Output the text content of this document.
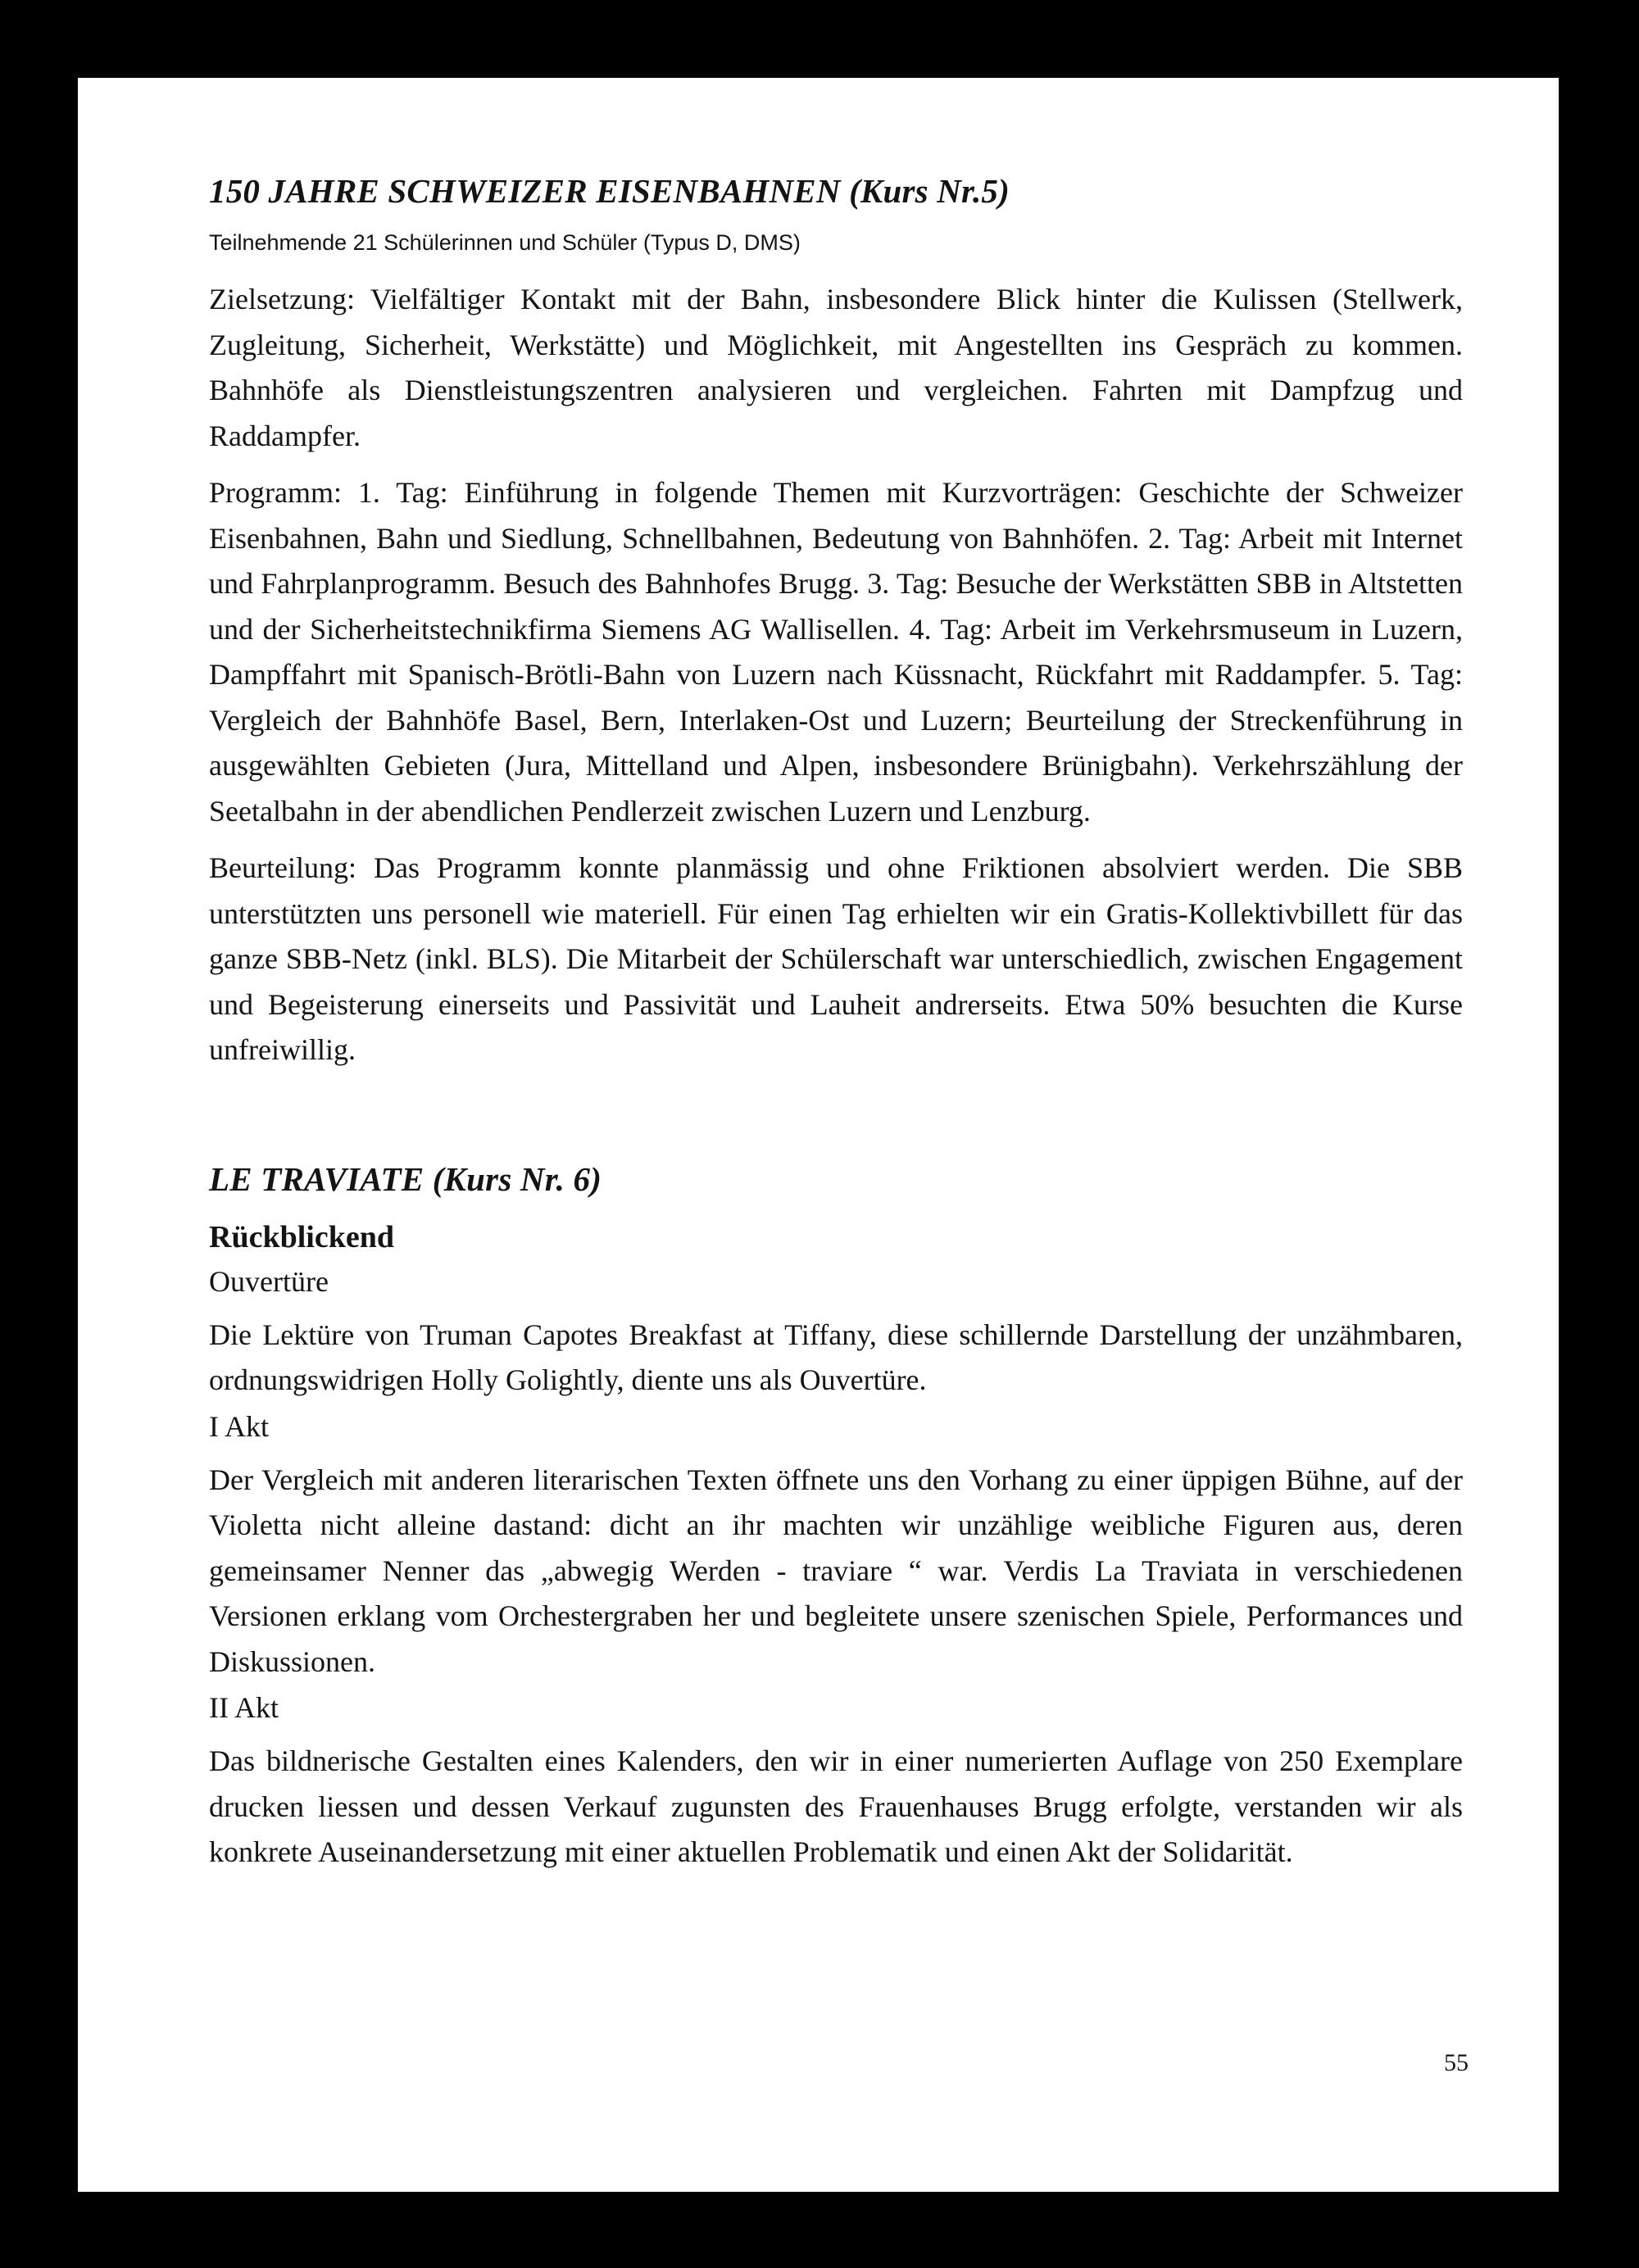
150 JAHRE SCHWEIZER EISENBAHNEN (Kurs Nr.5)

Teilnehmende 21 Schülerinnen und Schüler (Typus D, DMS)

Zielsetzung: Vielfältiger Kontakt mit der Bahn, insbesondere Blick hinter die Kulissen (Stellwerk, Zugleitung, Sicherheit, Werkstätte) und Möglichkeit, mit Angestellten ins Gespräch zu kommen. Bahnhöfe als Dienstleistungszentren analysieren und vergleichen. Fahrten mit Dampfzug und Raddampfer.

Programm: 1. Tag: Einführung in folgende Themen mit Kurzvorträgen: Geschichte der Schweizer Eisenbahnen, Bahn und Siedlung, Schnellbahnen, Bedeutung von Bahnhöfen. 2. Tag: Arbeit mit Internet und Fahrplanprogramm. Besuch des Bahnhofes Brugg. 3. Tag: Besuche der Werkstätten SBB in Altstetten und der Sicherheitstechnikfirma Siemens AG Wallisellen. 4. Tag: Arbeit im Verkehrsmuseum in Luzern, Dampffahrt mit Spanisch-Brötli-Bahn von Luzern nach Küssnacht, Rückfahrt mit Raddampfer. 5. Tag: Vergleich der Bahnhöfe Basel, Bern, Interlaken-Ost und Luzern; Beurteilung der Streckenführung in ausgewählten Gebieten (Jura, Mittelland und Alpen, insbesondere Brünigbahn). Verkehrszählung der Seetalbahn in der abendlichen Pendlerzeit zwischen Luzern und Lenzburg.

Beurteilung: Das Programm konnte planmässig und ohne Friktionen absolviert werden. Die SBB unterstützten uns personell wie materiell. Für einen Tag erhielten wir ein Gratis-Kollektivbillett für das ganze SBB-Netz (inkl. BLS). Die Mitarbeit der Schülerschaft war unterschiedlich, zwischen Engagement und Begeisterung einerseits und Passivität und Lauheit andrerseits. Etwa 50% besuchten die Kurse unfreiwillig.

LE TRAVIATE (Kurs Nr. 6)

Rückblickend

Ouvertüre

Die Lektüre von Truman Capotes Breakfast at Tiffany, diese schillernde Darstellung der unzähmbaren, ordnungswidrigen Holly Golightly, diente uns als Ouvertüre.

I Akt

Der Vergleich mit anderen literarischen Texten öffnete uns den Vorhang zu einer üppigen Bühne, auf der Violetta nicht alleine dastand: dicht an ihr machten wir unzählige weibliche Figuren aus, deren gemeinsamer Nenner das „abwegig Werden - traviare “ war. Verdis La Traviata in verschiedenen Versionen erklang vom Orchestergraben her und begleitete unsere szenischen Spiele, Performances und Diskussionen.

II Akt

Das bildnerische Gestalten eines Kalenders, den wir in einer numerierten Auflage von 250 Exemplare drucken liessen und dessen Verkauf zugunsten des Frauenhauses Brugg erfolgte, verstanden wir als konkrete Auseinandersetzung mit einer aktuellen Problematik und einen Akt der Solidarität.

55
